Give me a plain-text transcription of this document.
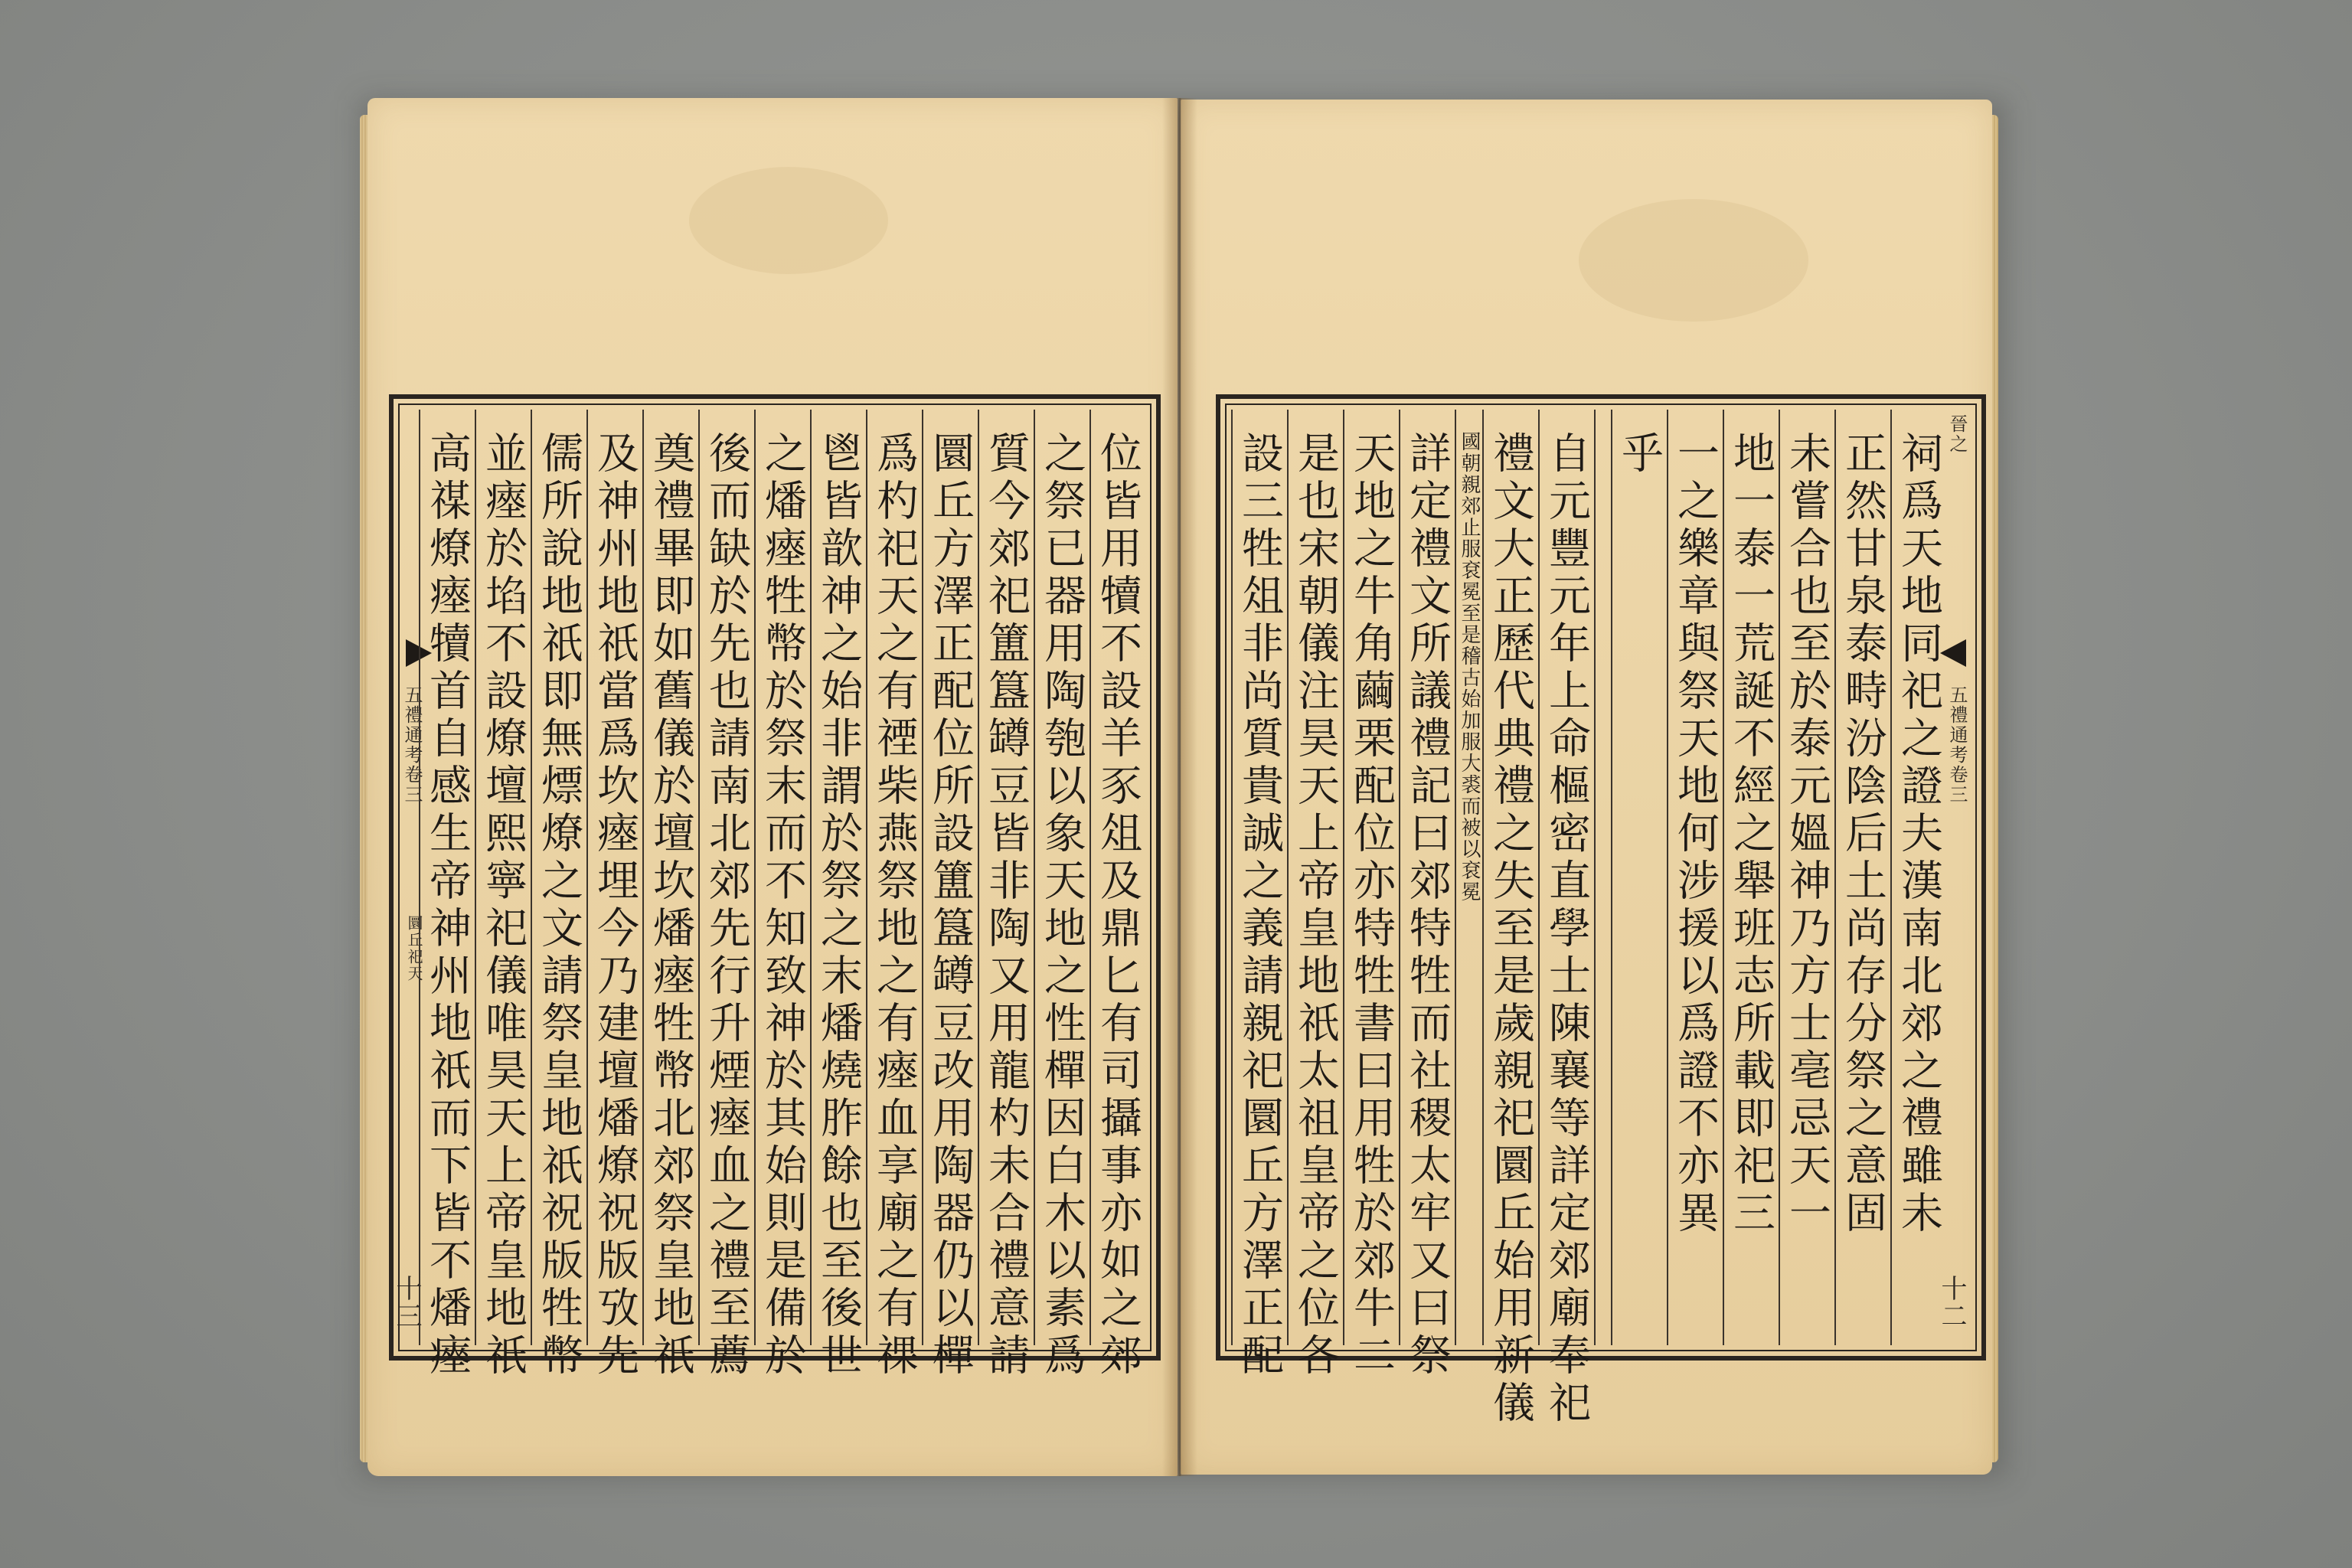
五禮通考卷三
圜丘祀天
十三	位皆用犢不設羊豕俎及鼎匕有司攝事亦如之郊
之祭已器用陶匏以象天地之性樿因白木以素爲
質今郊祀簠簋罇豆皆非陶又用龍杓未合禮意請
圜丘方澤正配位所設簠簋罇豆改用陶器仍以樿
爲杓祀天之有禋柴燕祭地之有瘞血享廟之有祼
鬯皆歆神之始非謂於祭之末燔燒胙餘也至後世
之燔瘞牲幣於祭末而不知致神於其始則是備於
後而缺於先也請南北郊先行升煙瘞血之禮至薦
奠禮畢即如舊儀於壇坎燔瘞牲幣北郊祭皇地祇
及神州地祇當爲坎瘞埋今乃建壇燔燎祝版攷先
儒所說地祇即無熛燎之文請祭皇地祇祝版牲幣
並瘞於埳不設燎壇熙寧祀儀唯昊天上帝皇地祇
高禖燎瘞犢首自感生帝神州地祇而下皆不燔瘞	晉之
五禮通考卷三
十二
祠爲天地同祀之證夫漢南北郊之禮雖未
正然甘泉泰畤汾陰后土尚存分祭之意固
未嘗合也至於泰元媼神乃方士亳忌天一
地一泰一荒誕不經之舉班志所載即祀三
一之樂章與祭天地何涉援以爲證不亦異
乎
自元豐元年上命樞密直學士陳襄等詳定郊廟奉祀
禮文大正歷代典禮之失至是歲親祀圜丘始用新儀
國朝親郊止服袞冕至是稽古始加服大裘而被以袞冕
詳定禮文所議禮記曰郊特牲而社稷太牢又曰祭
天地之牛角繭栗配位亦特牲書曰用牲於郊牛二
是也宋朝儀注昊天上帝皇地祇太祖皇帝之位各
設三牲俎非尚質貴誠之義請親祀圜丘方澤正配
